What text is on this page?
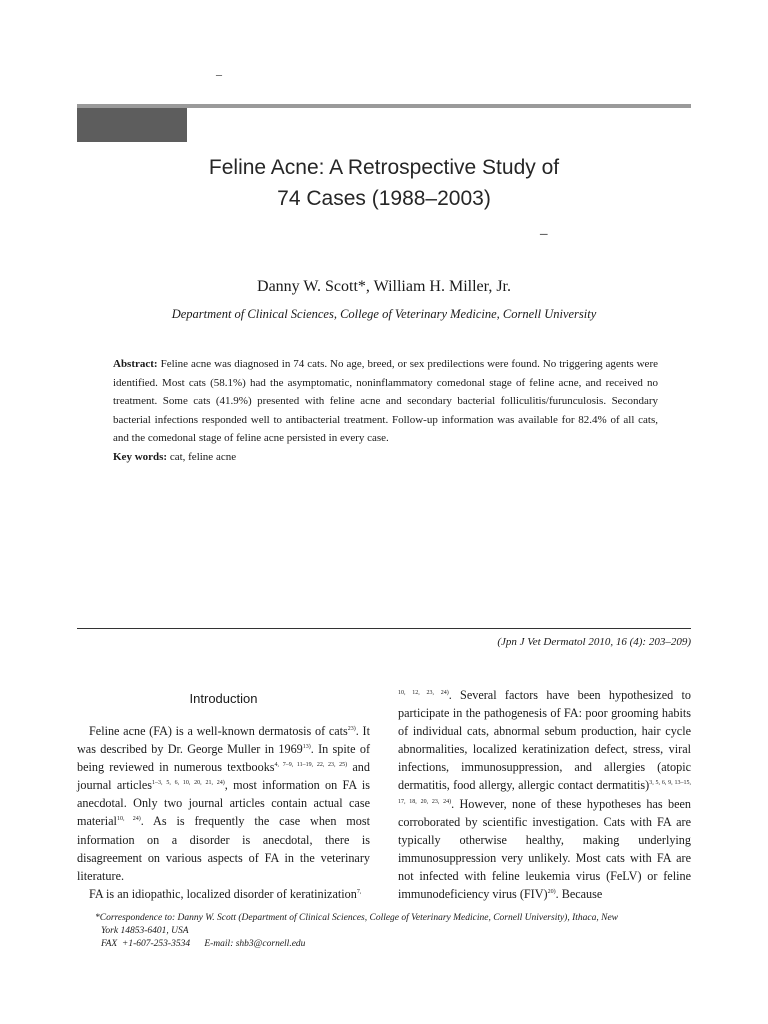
–
Feline Acne: A Retrospective Study of
74 Cases (1988–2003)
–
Danny W. Scott*, William H. Miller, Jr.
Department of Clinical Sciences, College of Veterinary Medicine, Cornell University

Abstract: Feline acne was diagnosed in 74 cats. No age, breed, or sex predilections were found. No triggering agents were identified. Most cats (58.1%) had the asymptomatic, noninflammatory comedonal stage of feline acne, and received no treatment. Some cats (41.9%) presented with feline acne and secondary bacterial folliculitis/furunculosis. Secondary bacterial infections responded well to antibacterial treatment. Follow-up information was available for 82.4% of all cats, and the comedonal stage of feline acne persisted in every case.

Key words: cat, feline acne

(Jpn J Vet Dermatol 2010, 16 (4): 203–209)
Introduction

Feline acne (FA) is a well-known dermatosis of cats$^{23)}$. It was described by Dr. George Muller in 1969$^{13)}$. In spite of being reviewed in numerous textbooks$^{4, 7-9, 11-19, 22, 23, 25)}$ and journal articles$^{1-3, 5, 6, 10, 20, 21, 24)}$, most information on FA is anecdotal. Only two journal articles contain actual case material$^{10, 24)}$. As is frequently the case when most information on a disorder is anecdotal, there is disagreement on various aspects of FA in the veterinary literature.

FA is an idiopathic, localized disorder of keratinization$^{7,}$

$^{10, 12, 23, 24)}$. Several factors have been hypothesized to participate in the pathogenesis of FA: poor grooming habits of individual cats, abnormal sebum production, hair cycle abnormalities, localized keratinization defect, stress, viral infections, immunosuppression, and allergies (atopic dermatitis, food allergy, allergic contact dermatitis)$^{3, 5, 6, 9, 13-15, 17, 18, 20, 23, 24)}$. However, none of these hypotheses has been corroborated by scientific investigation. Cats with FA are typically otherwise healthy, making underlying immunosuppression very unlikely. Most cats with FA are not infected with feline leukemia virus (FeLV) or feline immunodeficiency virus (FIV)$^{20)}$. Because

*Correspondence to: Danny W. Scott (Department of Clinical Sciences, College of Veterinary Medicine, Cornell University), Ithaca, New
York 14853-6401, USA
FAX  +1-607-253-3534      E-mail: shb3@cornell.edu
